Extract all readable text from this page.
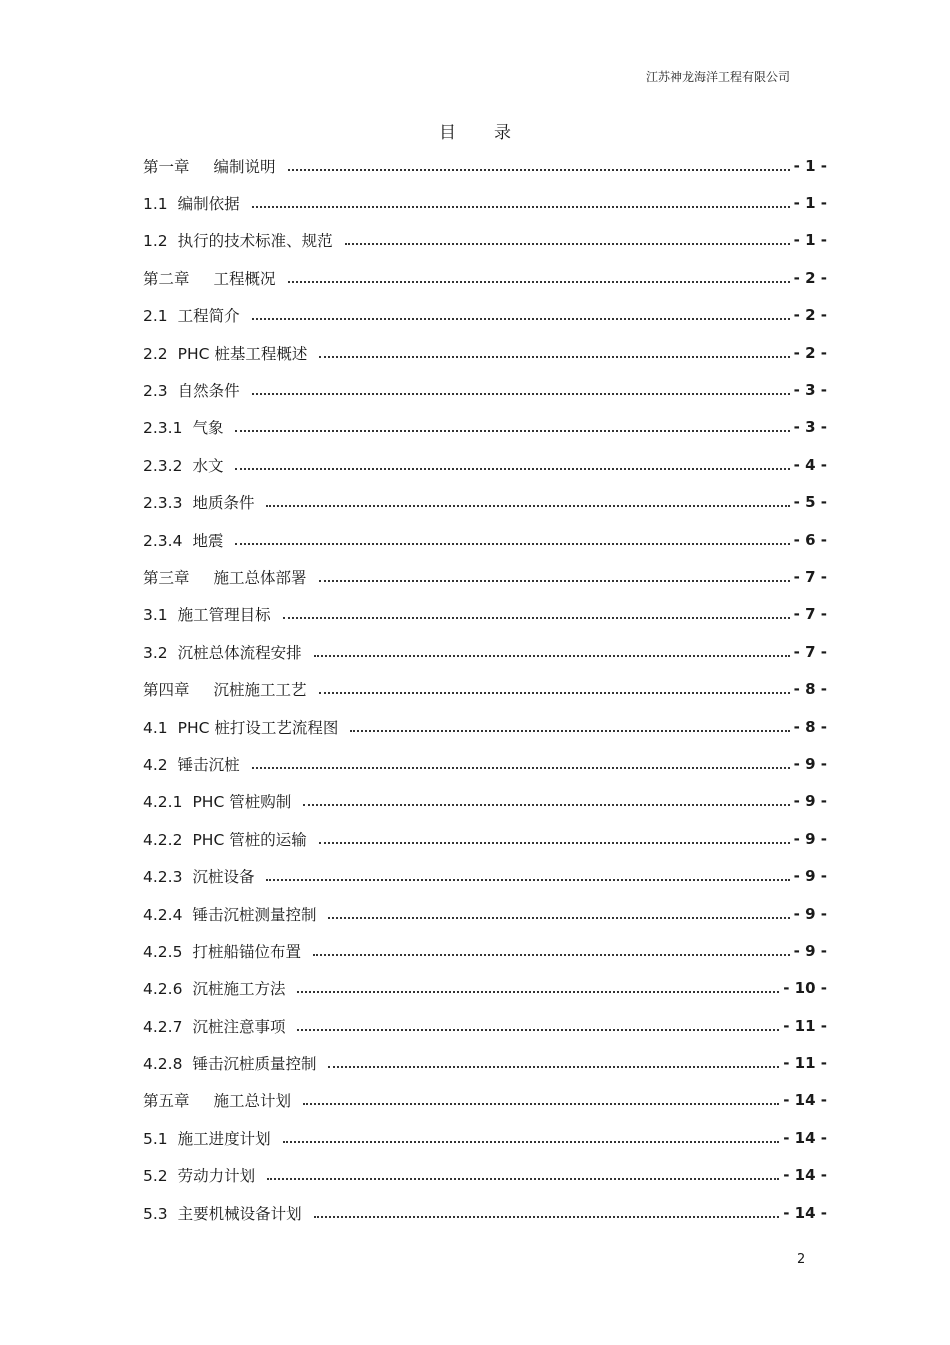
江苏神龙海洋工程有限公司
目录
第一章 编制说明	- 1 -
1.1 编制依据	- 1 -
1.2 执行的技术标准、规范	- 1 -
第二章 工程概况	- 2 -
2.1 工程简介	- 2 -
2.2 PHC 桩基工程概述	- 2 -
2.3 自然条件	- 3 -
2.3.1 气象	- 3 -
2.3.2 水文	- 4 -
2.3.3 地质条件	- 5 -
2.3.4 地震	- 6 -
第三章 施工总体部署	- 7 -
3.1 施工管理目标	- 7 -
3.2 沉桩总体流程安排	- 7 -
第四章 沉桩施工工艺	- 8 -
4.1 PHC 桩打设工艺流程图	- 8 -
4.2 锤击沉桩	- 9 -
4.2.1 PHC 管桩购制	- 9 -
4.2.2 PHC 管桩的运输	- 9 -
4.2.3 沉桩设备	- 9 -
4.2.4 锤击沉桩测量控制	- 9 -
4.2.5 打桩船锚位布置	- 9 -
4.2.6 沉桩施工方法	- 10 -
4.2.7 沉桩注意事项	- 11 -
4.2.8 锤击沉桩质量控制	- 11 -
第五章 施工总计划	- 14 -
5.1 施工进度计划	- 14 -
5.2 劳动力计划	- 14 -
5.3 主要机械设备计划	- 14 -
2
